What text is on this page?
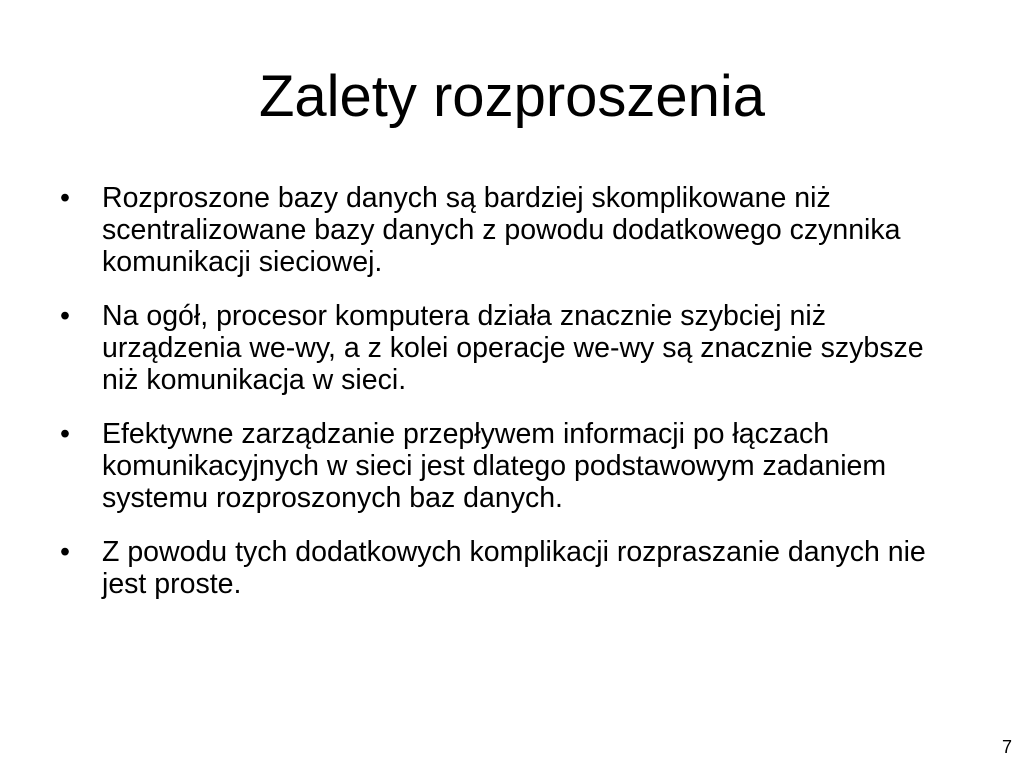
Zalety rozproszenia
•	Rozproszone bazy danych są bardziej skomplikowane niż scentralizowane bazy danych z powodu dodatkowego czynnika komunikacji sieciowej.
•	Na ogół, procesor komputera działa znacznie szybciej niż urządzenia we-wy, a z kolei operacje we-wy są znacznie szybsze niż komunikacja w sieci.
•	Efektywne zarządzanie przepływem informacji po łączach komunikacyjnych w sieci jest dlatego podstawowym zadaniem systemu rozproszonych baz danych.
•	Z powodu tych dodatkowych komplikacji rozpraszanie danych nie jest proste.
7
